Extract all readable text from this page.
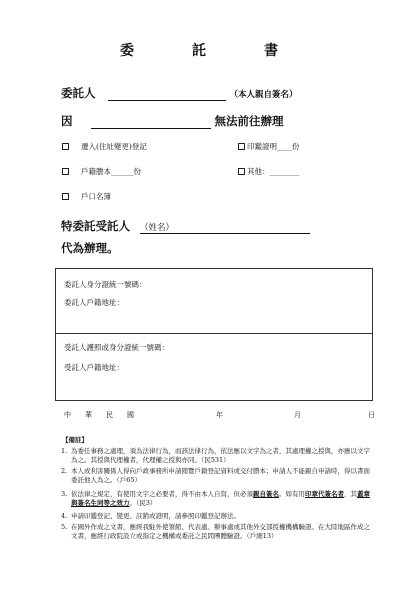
委　託　書
委託人	（本人親自簽名）
因	無法前往辦理
遷入(住址變更)登記	印鑑證明____份
戶籍謄本______份	其他：________
戶口名簿
特委託受託人 （姓名）
代為辦理。
委託人身分證統一號碼：
委託人戶籍地址：
受託人護照或身分證統一號碼：
受託人戶籍地址：
中　　華　　民　　國	年	月	日
【備註】
1. 為委任事務之處理，須為法律行為，而該法律行為，依法應以文字為之者，其處理權之授與，亦應以文字為之。其授與代理權者，代理權之授與亦同。（民531）
2. 本人或利害關係人得向戶政事務所申請閱覽戶籍登記資料或交付謄本；申請人不能親自申請時，得以書面委託他人為之。（戶65）
3. 依法律之規定，有使用文字之必要者，得不由本人自寫，但必須親自簽名。如有用印章代簽名者，其蓋章與簽名生同等之效力。（民3）
4. 申請印鑑登記、變更、註銷或證明，請參照印鑑登記辦法。
5. 在國外作成之文書，應經我駐外使領館、代表處、辦事處或其他外交部授權機構驗證。在大陸地區作成之文書，應經行政院設立或指定之機構或委託之民間團體驗證。（戶細13）
